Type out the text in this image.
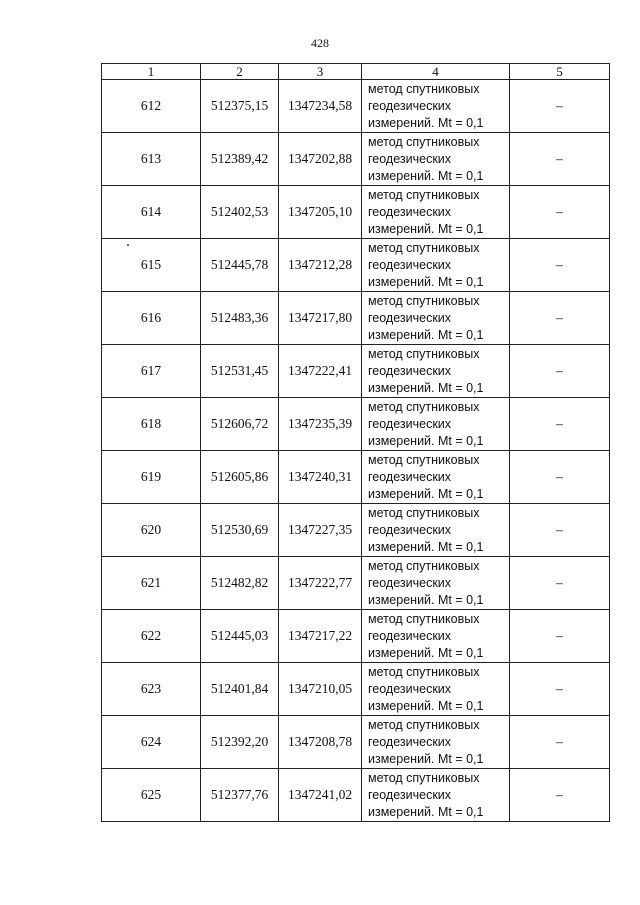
428
1	2	3	4	5
612	512375,15	1347234,58	метод спутниковых
геодезических
измерений. Mt = 0,1	–
613	512389,42	1347202,88	метод спутниковых
геодезических
измерений. Mt = 0,1	–
614	512402,53	1347205,10	метод спутниковых
геодезических
измерений. Mt = 0,1	–
615	512445,78	1347212,28	метод спутниковых
геодезических
измерений. Mt = 0,1	–
616	512483,36	1347217,80	метод спутниковых
геодезических
измерений. Mt = 0,1	–
617	512531,45	1347222,41	метод спутниковых
геодезических
измерений. Mt = 0,1	–
618	512606,72	1347235,39	метод спутниковых
геодезических
измерений. Mt = 0,1	–
619	512605,86	1347240,31	метод спутниковых
геодезических
измерений. Mt = 0,1	–
620	512530,69	1347227,35	метод спутниковых
геодезических
измерений. Mt = 0,1	–
621	512482,82	1347222,77	метод спутниковых
геодезических
измерений. Mt = 0,1	–
622	512445,03	1347217,22	метод спутниковых
геодезических
измерений. Mt = 0,1	–
623	512401,84	1347210,05	метод спутниковых
геодезических
измерений. Mt = 0,1	–
624	512392,20	1347208,78	метод спутниковых
геодезических
измерений. Mt = 0,1	–
625	512377,76	1347241,02	метод спутниковых
геодезических
измерений. Mt = 0,1	–
